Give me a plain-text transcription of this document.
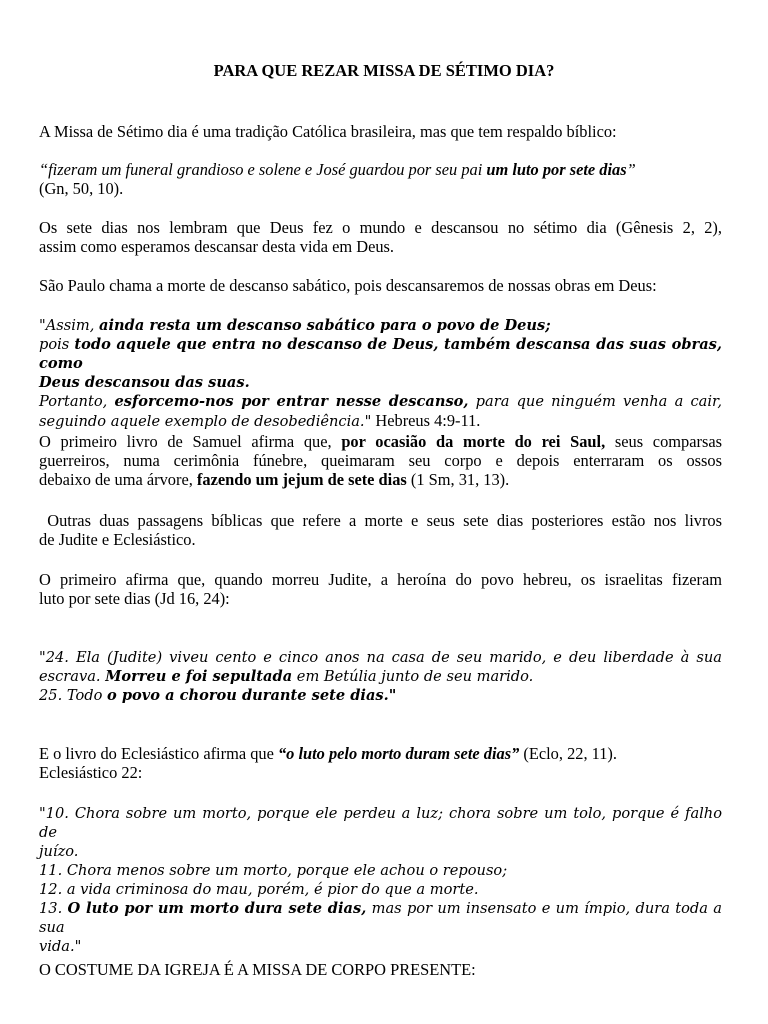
PARA QUE REZAR MISSA DE SÉTIMO DIA?

A Missa de Sétimo dia é uma tradição Católica brasileira, mas que tem respaldo bíblico:

“fizeram um funeral grandioso e solene e José guardou por seu pai um luto por sete dias”
(Gn, 50, 10).

Os sete dias nos lembram que Deus fez o mundo e descansou no sétimo dia (Gênesis 2, 2),
assim como esperamos descansar desta vida em Deus.

São Paulo chama a morte de descanso sabático, pois descansaremos de nossas obras em Deus:

"Assim, ainda resta um descanso sabático para o povo de Deus;
pois todo aquele que entra no descanso de Deus, também descansa das suas obras, como
Deus descansou das suas.
Portanto, esforcemo-nos por entrar nesse descanso, para que ninguém venha a cair,
seguindo aquele exemplo de desobediência." Hebreus 4:9-11.

O primeiro livro de Samuel afirma que, por ocasião da morte do rei Saul, seus comparsas
guerreiros, numa cerimônia fúnebre, queimaram seu corpo e depois enterraram os ossos
debaixo de uma árvore, fazendo um jejum de sete dias (1 Sm, 31, 13).

Outras duas passagens bíblicas que refere a morte e seus sete dias posteriores estão nos livros
de Judite e Eclesiástico.

O primeiro afirma que, quando morreu Judite, a heroína do povo hebreu, os israelitas fizeram
luto por sete dias (Jd 16, 24):

"24. Ela (Judite) viveu cento e cinco anos na casa de seu marido, e deu liberdade à sua
escrava. Morreu e foi sepultada em Betúlia junto de seu marido.
25. Todo o povo a chorou durante sete dias."

E o livro do Eclesiástico afirma que “o luto pelo morto duram sete dias” (Eclo, 22, 11).
Eclesiástico 22:

"10. Chora sobre um morto, porque ele perdeu a luz; chora sobre um tolo, porque é falho de
juízo.
11. Chora menos sobre um morto, porque ele achou o repouso;
12. a vida criminosa do mau, porém, é pior do que a morte.
13. O luto por um morto dura sete dias, mas por um insensato e um ímpio, dura toda a sua
vida."

O COSTUME DA IGREJA É A MISSA DE CORPO PRESENTE:
